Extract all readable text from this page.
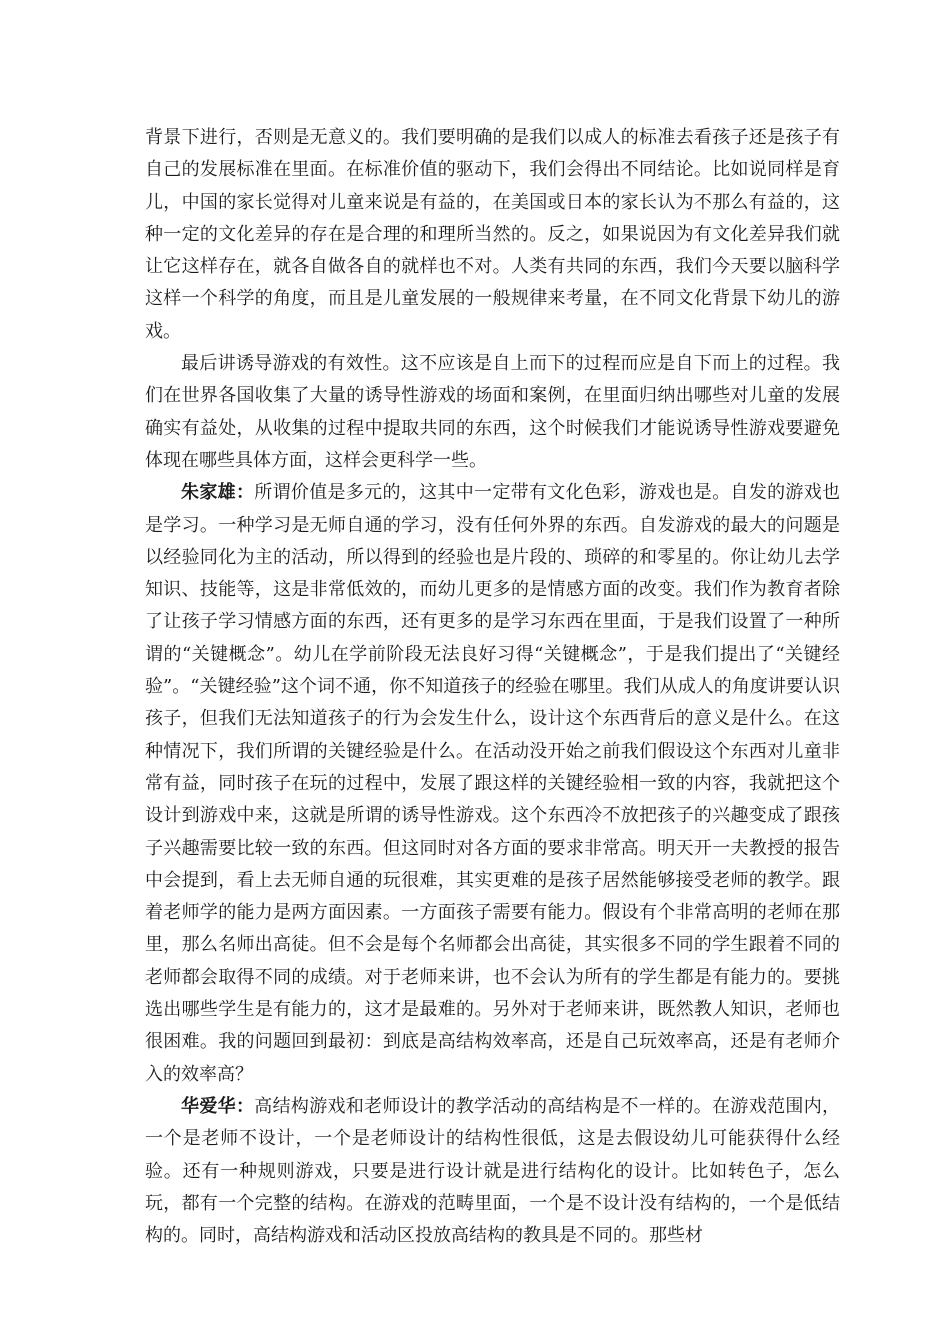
背景下进行，否则是无意义的。我们要明确的是我们以成人的标准去看孩子还是孩子有自己的发展标准在里面。在标准价值的驱动下，我们会得出不同结论。比如说同样是育儿，中国的家长觉得对儿童来说是有益的，在美国或日本的家长认为不那么有益的，这种一定的文化差异的存在是合理的和理所当然的。反之，如果说因为有文化差异我们就让它这样存在，就各自做各自的就样也不对。人类有共同的东西，我们今天要以脑科学这样一个科学的角度，而且是儿童发展的一般规律来考量，在不同文化背景下幼儿的游戏。

最后讲诱导游戏的有效性。这不应该是自上而下的过程而应是自下而上的过程。我们在世界各国收集了大量的诱导性游戏的场面和案例，在里面归纳出哪些对儿童的发展确实有益处，从收集的过程中提取共同的东西，这个时候我们才能说诱导性游戏要避免体现在哪些具体方面，这样会更科学一些。

朱家雄：所谓价值是多元的，这其中一定带有文化色彩，游戏也是。自发的游戏也是学习。一种学习是无师自通的学习，没有任何外界的东西。自发游戏的最大的问题是以经验同化为主的活动，所以得到的经验也是片段的、琐碎的和零星的。你让幼儿去学知识、技能等，这是非常低效的，而幼儿更多的是情感方面的改变。我们作为教育者除了让孩子学习情感方面的东西，还有更多的是学习东西在里面，于是我们设置了一种所谓的“关键概念”。幼儿在学前阶段无法良好习得“关键概念”，于是我们提出了“关键经验”。“关键经验”这个词不通，你不知道孩子的经验在哪里。我们从成人的角度讲要认识孩子，但我们无法知道孩子的行为会发生什么，设计这个东西背后的意义是什么。在这种情况下，我们所谓的关键经验是什么。在活动没开始之前我们假设这个东西对儿童非常有益，同时孩子在玩的过程中，发展了跟这样的关键经验相一致的内容，我就把这个设计到游戏中来，这就是所谓的诱导性游戏。这个东西冷不放把孩子的兴趣变成了跟孩子兴趣需要比较一致的东西。但这同时对各方面的要求非常高。明天开一夫教授的报告中会提到，看上去无师自通的玩很难，其实更难的是孩子居然能够接受老师的教学。跟着老师学的能力是两方面因素。一方面孩子需要有能力。假设有个非常高明的老师在那里，那么名师出高徒。但不会是每个名师都会出高徒，其实很多不同的学生跟着不同的老师都会取得不同的成绩。对于老师来讲，也不会认为所有的学生都是有能力的。要挑选出哪些学生是有能力的，这才是最难的。另外对于老师来讲，既然教人知识，老师也很困难。我的问题回到最初：到底是高结构效率高，还是自己玩效率高，还是有老师介入的效率高？

华爱华：高结构游戏和老师设计的教学活动的高结构是不一样的。在游戏范围内，一个是老师不设计，一个是老师设计的结构性很低，这是去假设幼儿可能获得什么经验。还有一种规则游戏，只要是进行设计就是进行结构化的设计。比如转色子，怎么玩，都有一个完整的结构。在游戏的范畴里面，一个是不设计没有结构的，一个是低结构的。同时，高结构游戏和活动区投放高结构的教具是不同的。那些材
